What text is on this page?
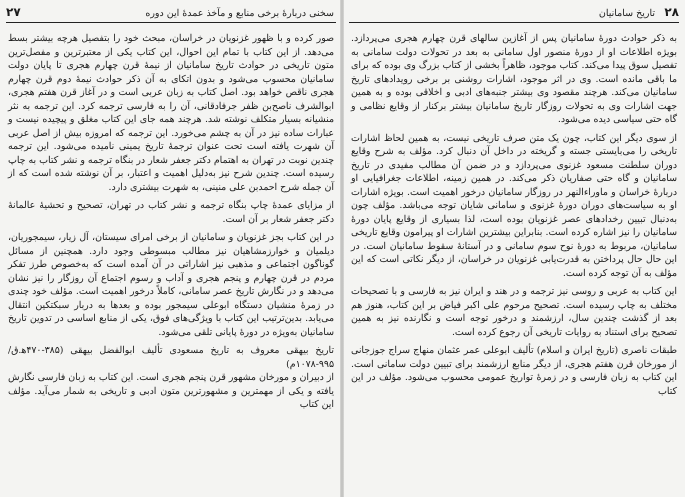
۲۷	سخنی دربارهٔ برخی منابع و مآخذ عمدهٔ این دوره

صور کرده و با ظهور غزنویان در خراسان، مبحث خود را بتفصیل هرچه بیشتر بسط می‌دهد. از این کتاب با تمام این احوال، این کتاب یکی از معتبرترین و مفصل‌ترین متون تاریخی در حوادث تاریخ سامانیان از نیمهٔ قرن چهارم هجری تا پایان دولت سامانیان محسوب می‌شود و بدون اتکای به آن ذکر حوادث نیمهٔ دوم قرن چهارم هجری ناقص خواهد بود. اصل کتاب به زبان عربی است و در آغاز قرن هفتم هجری، ابوالشرف ناصح‌بن ظفر جرفادقانی، آن را به فارسی ترجمه کرد. این ترجمه به نثر منشیانه بسیار متکلف نوشته شد. هرچند همه جای این کتاب مغلق و پیچیده نیست و عبارات ساده نیز در آن به چشم می‌خورد. این ترجمه که امروزه بیش از اصل عربی آن شهرت یافته است تحت عنوان ترجمهٔ تاریخ یمینی نامیده می‌شود. این ترجمه چندین نوبت در تهران به اهتمام دکتر جعفر شعار در بنگاه ترجمه و نشر کتاب به چاپ رسیده است. چندین شرح نیز به‌دلیل اهمیت و اعتبار، بر آن نوشته شده است که از آن جمله شرح احمدبن علی منینی، به شهرت بیشتری دارد.

از مزایای عمدهٔ چاپ بنگاه ترجمه و نشر کتاب در تهران، تصحیح و تحشیهٔ عالمانهٔ دکتر جعفر شعار بر آن است.

در این کتاب بجز غزنویان و سامانیان از برخی امرای سیستان، آل زیار، سیمجوریان، دیلمیان و خوارزمشاهیان نیز مطالب مبسوطی وجود دارد. همچنین از مسائل گوناگون اجتماعی و مذهبی نیز اشاراتی در آن آمده است که به‌خصوص طرز تفکر مردم در قرن چهارم و پنجم هجری و آداب و رسوم اجتماع آن روزگار را نیز نشان می‌دهد و در نگارش تاریخ عصر سامانی، کاملاً درخور اهمیت است. مؤلف خود چندی در زمرهٔ منشیان دستگاه ابوعلی سیمجور بوده و بعدها به دربار سبکتکین انتقال می‌یابد. بدین‌ترتیب این کتاب با ویژگی‌های فوق، یکی از منابع اساسی در تدوین تاریخ سامانیان به‌ویژه در دورهٔ پایانی تلقی می‌شود.

تاریخ بیهقی معروف به تاریخ مسعودی تألیف ابوالفضل بیهقی (۳۸۵-۴۷۰ه‍.ق/ ۹۹۵-۱۰۷۸م)

از دبیران و مورخان مشهور قرن پنجم هجری است. این کتاب به زبان فارسی نگارش یافته و یکی از مهمترین و مشهورترین متون ادبی و تاریخی به شمار می‌آید. مؤلف این کتاب

۲۸
تاریخ سامانیان

به ذکر حوادث دورهٔ سامانیان پس از آغازین سالهای قرن چهارم هجری می‌پردازد. بویژه اطلاعات او از دورهٔ منصور اول سامانی به بعد در تحولات دولت سامانی به‌ تفصیل سوق پیدا می‌کند. کتاب موجود، ظاهراً بخشی از کتاب بزرگ وی بوده که برای ما باقی مانده است. وی در اثر موجود، اشارات روشنی بر برخی رویدادهای تاریخ سامانیان می‌کند. هرچند مقصود وی بیشتر جنبه‌های ادبی و اخلاقی بوده و به همین جهت اشارات وی به تحولات روزگار تاریخ سامانیان بیشتر برکنار از وقایع نظامی و گاه حتی سیاسی دیده می‌شود.

از سوی دیگر این کتاب، چون یک متن صرف تاریخی نیست، به همین لحاظ اشارات تاریخی را می‌بایستی جسته و گریخته در داخل آن دنبال کرد. مؤلف به شرح وقایع دوران سلطنت مسعود غزنوی می‌پردازد و در ضمن آن مطالب مفیدی در تاریخ سامانیان و گاه حتی صفاریان ذکر می‌کند. در همین زمینه، اطلاعات جغرافیایی او دربارهٔ خراسان و ماوراءالنهر در روزگار سامانیان درخور اهمیت است. بویژه اشارات او به سیاست‌های دوران دورهٔ غزنوی و سامانی شایان توجه می‌باشد. مؤلف چون به‌دنبال تبیین رخدادهای عصر غزنویان بوده است، لذا بسیاری از وقایع پایان دورهٔ سامانیان را نیز اشاره کرده است. بنابراین بیشترین اشارات او پیرامون وقایع تاریخی سامانیان، مربوط به دورهٔ نوح سوم سامانی و در آستانهٔ سقوط سامانیان است. در این حال حال پرداختن به قدرت‌یابی غزنویان در خراسان، از دیگر نکاتی است که این مؤلف به آن توجه کرده است.

این کتاب به عربی و روسی نیز ترجمه و در هند و ایران نیز به فارسی و با تصحیحات مختلف به چاپ رسیده است. تصحیح مرحوم علی اکبر فیاض بر این کتاب، هنوز هم بعد از گذشت چندین سال، ارزشمند و درخور توجه است و نگارنده نیز به همین تصحیح برای استناد به روایات تاریخی آن رجوع کرده است.

طبقات ناصری (تاریخ ایران و اسلام) تألیف ابوعلی عمر عثمان منهاج سراج جوزجانی از مورخان قرن هفتم هجری، از دیگر منابع ارزشمند برای تبیین دولت سامانی است. این کتاب به زبان فارسی و در زمرهٔ تواریخ عمومی محسوب می‌شود. مؤلف در این کتاب
